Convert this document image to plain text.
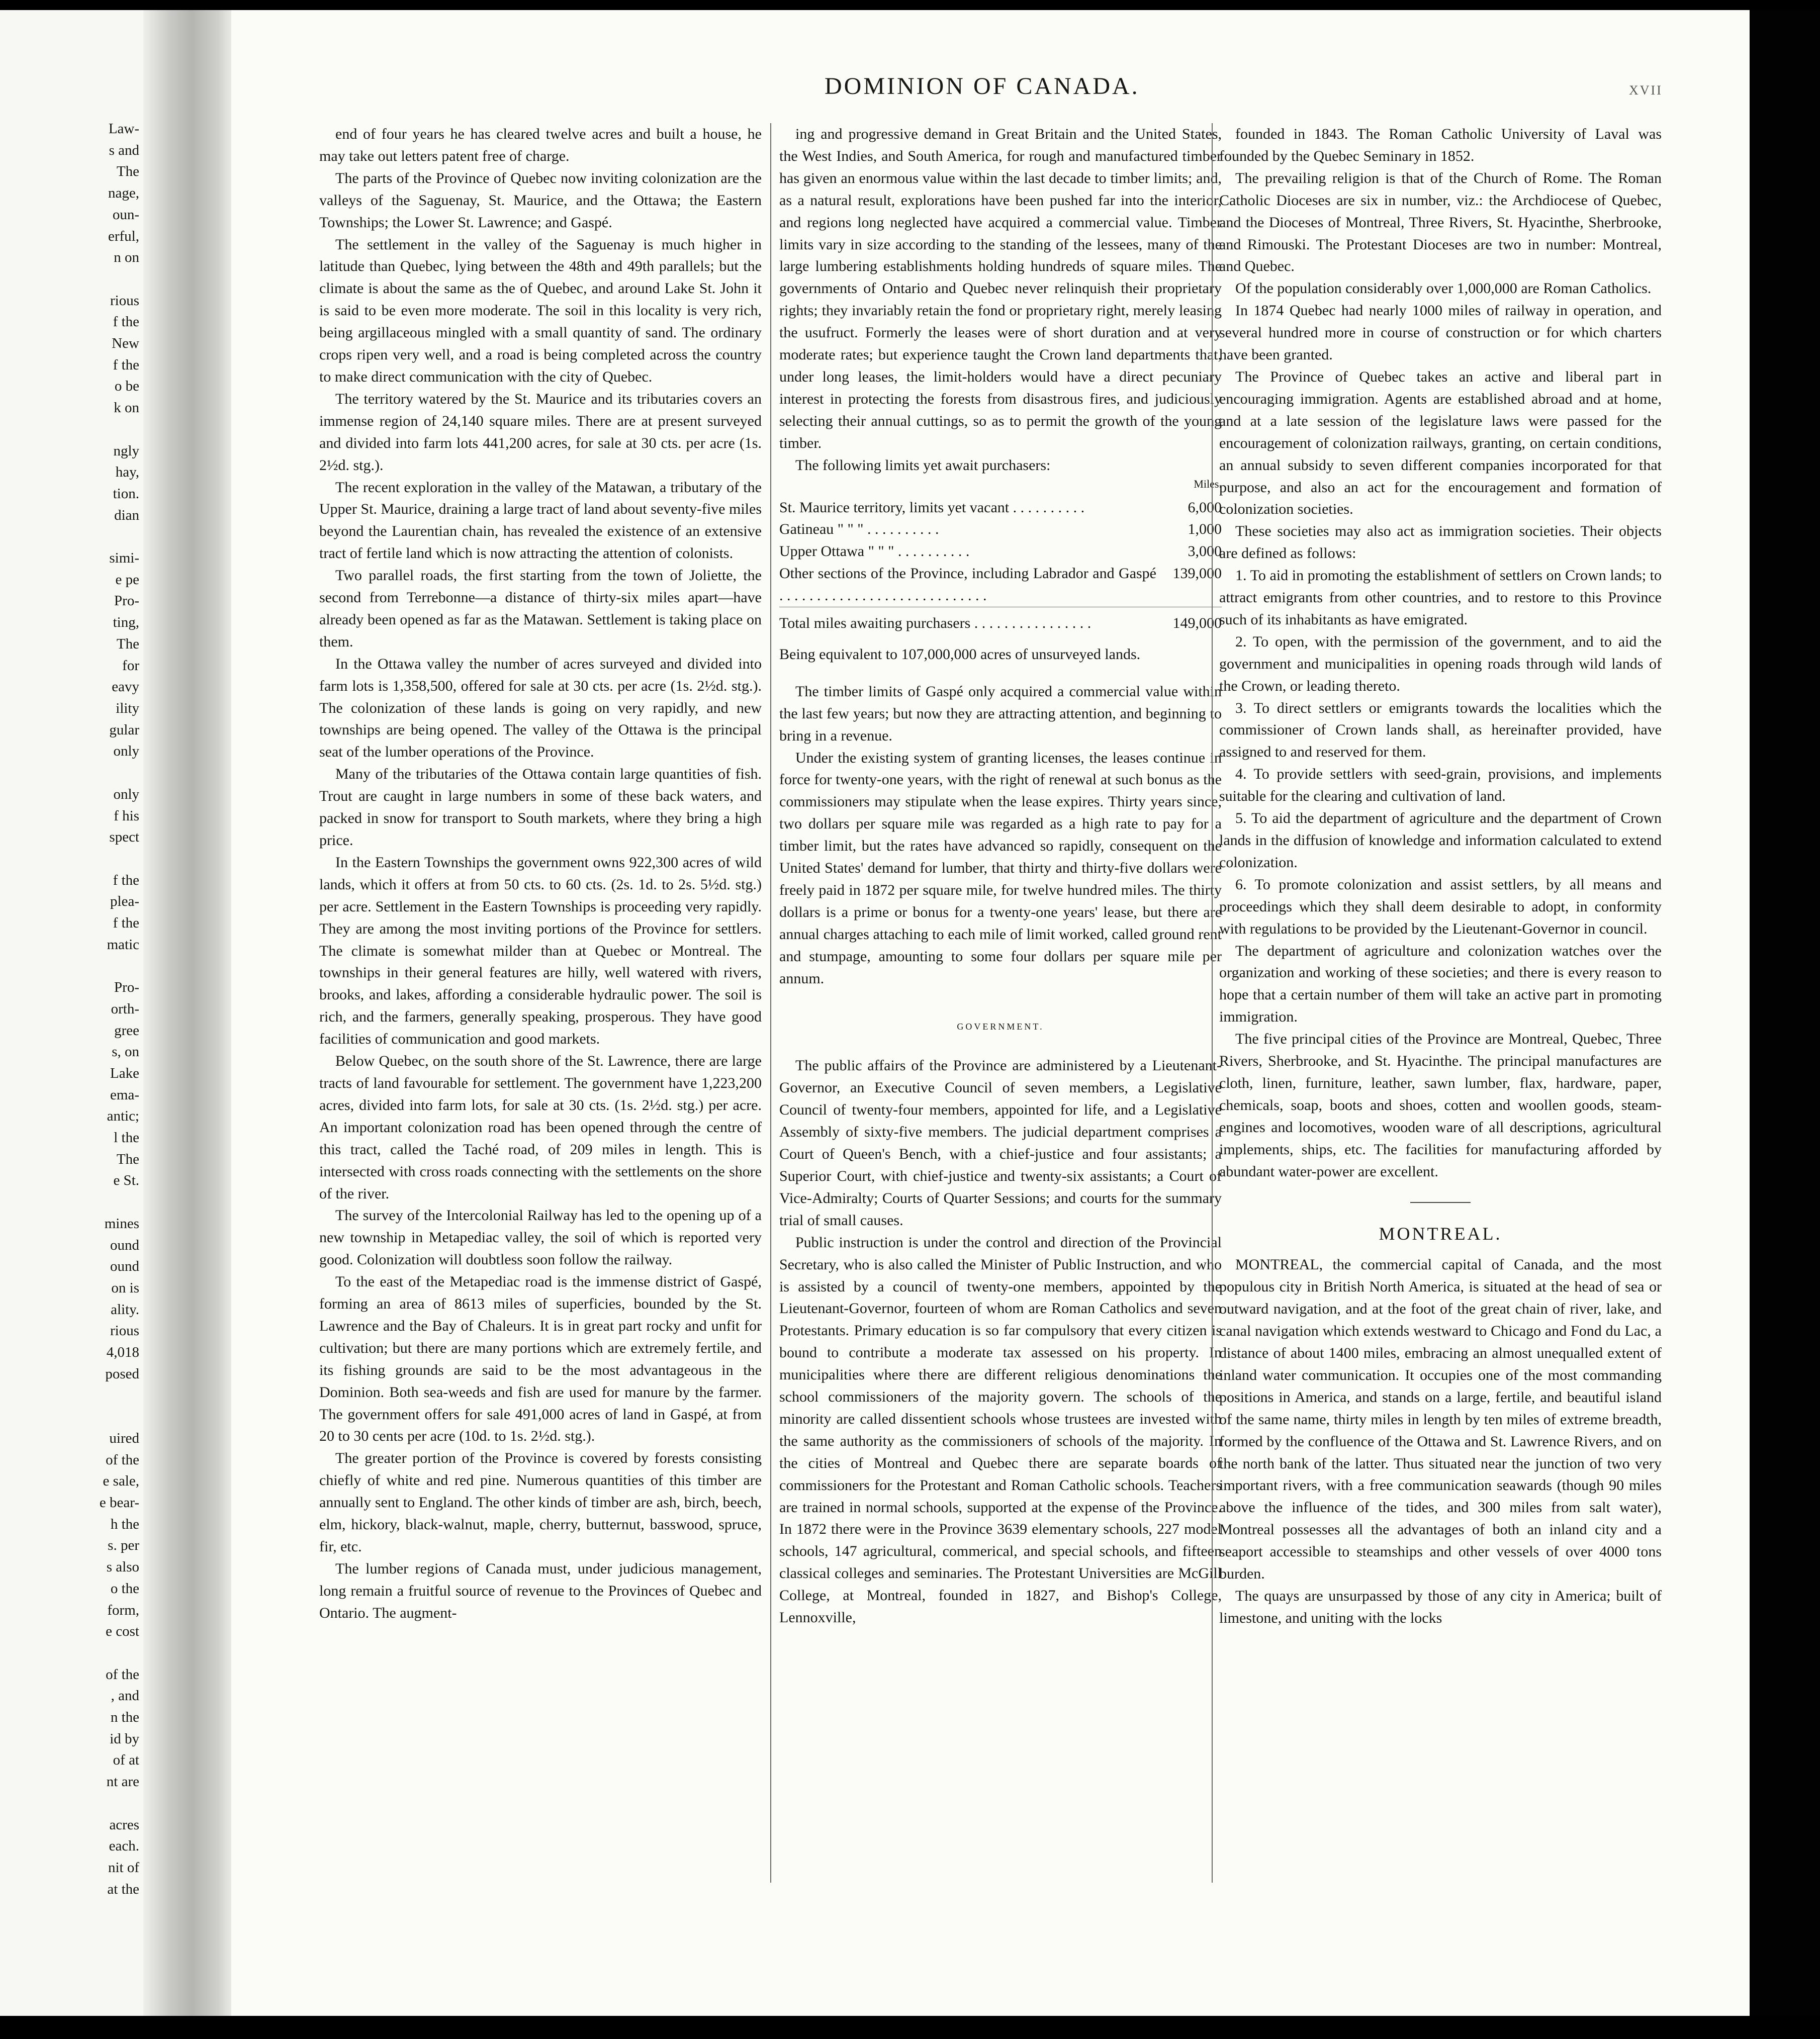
Law-
s and
The
nage,
oun-
erful,
n on

rious
f the
New
f the
o be
k on

ngly
hay,
tion.
dian

simi-
e pe
Pro-
ting,
The
for
eavy
ility
gular
only

only
f his
spect

f the
plea-
f the
matic

Pro-
orth-
gree
s, on
Lake
ema-
antic;
l the
The
e St.

mines
ound
ound
on is
ality.
rious
4,018
posed

uired
of the
e sale,
e bear-
h the
s. per
s also
o the
form,
e cost

of the
, and
n the
id by
of at
nt are

acres
each.
nit of
at the
DOMINION OF CANADA.	XVII

end of four years he has cleared twelve acres and built a house, he may take out letters patent free of charge.

The parts of the Province of Quebec now inviting colonization are the valleys of the Saguenay, St. Maurice, and the Ottawa; the Eastern Townships; the Lower St. Lawrence; and Gaspé.

The settlement in the valley of the Saguenay is much higher in latitude than Quebec, lying between the 48th and 49th parallels; but the climate is about the same as the of Quebec, and around Lake St. John it is said to be even more moderate. The soil in this locality is very rich, being argillaceous mingled with a small quantity of sand. The ordinary crops ripen very well, and a road is being completed across the country to make direct communication with the city of Quebec.

The territory watered by the St. Maurice and its tributaries covers an immense region of 24,140 square miles. There are at present surveyed and divided into farm lots 441,200 acres, for sale at 30 cts. per acre (1s. 2½d. stg.).

The recent exploration in the valley of the Matawan, a tributary of the Upper St. Maurice, draining a large tract of land about seventy-five miles beyond the Laurentian chain, has revealed the existence of an extensive tract of fertile land which is now attracting the attention of colonists.

Two parallel roads, the first starting from the town of Joliette, the second from Terrebonne—a distance of thirty-six miles apart—have already been opened as far as the Matawan. Settlement is taking place on them.

In the Ottawa valley the number of acres surveyed and divided into farm lots is 1,358,500, offered for sale at 30 cts. per acre (1s. 2½d. stg.). The colonization of these lands is going on very rapidly, and new townships are being opened. The valley of the Ottawa is the principal seat of the lumber operations of the Province.

Many of the tributaries of the Ottawa contain large quantities of fish. Trout are caught in large numbers in some of these back waters, and packed in snow for transport to South markets, where they bring a high price.

In the Eastern Townships the government owns 922,300 acres of wild lands, which it offers at from 50 cts. to 60 cts. (2s. 1d. to 2s. 5½d. stg.) per acre. Settlement in the Eastern Townships is proceeding very rapidly. They are among the most inviting portions of the Province for settlers. The climate is somewhat milder than at Quebec or Montreal. The townships in their general features are hilly, well watered with rivers, brooks, and lakes, affording a considerable hydraulic power. The soil is rich, and the farmers, generally speaking, prosperous. They have good facilities of communication and good markets.

Below Quebec, on the south shore of the St. Lawrence, there are large tracts of land favourable for settlement. The government have 1,223,200 acres, divided into farm lots, for sale at 30 cts. (1s. 2½d. stg.) per acre. An important colonization road has been opened through the centre of this tract, called the Taché road, of 209 miles in length. This is intersected with cross roads connecting with the settlements on the shore of the river.

The survey of the Intercolonial Railway has led to the opening up of a new township in Metapediac valley, the soil of which is reported very good. Colonization will doubtless soon follow the railway.

To the east of the Metapediac road is the immense district of Gaspé, forming an area of 8613 miles of superficies, bounded by the St. Lawrence and the Bay of Chaleurs. It is in great part rocky and unfit for cultivation; but there are many portions which are extremely fertile, and its fishing grounds are said to be the most advantageous in the Dominion. Both sea-weeds and fish are used for manure by the farmer. The government offers for sale 491,000 acres of land in Gaspé, at from 20 to 30 cents per acre (10d. to 1s. 2½d. stg.).

The greater portion of the Province is covered by forests consisting chiefly of white and red pine. Numerous quantities of this timber are annually sent to England. The other kinds of timber are ash, birch, beech, elm, hickory, black-walnut, maple, cherry, butternut, basswood, spruce, fir, etc.

The lumber regions of Canada must, under judicious management, long remain a fruitful source of revenue to the Provinces of Quebec and Ontario. The augment-

ing and progressive demand in Great Britain and the United States, the West Indies, and South America, for rough and manufactured timber has given an enormous value within the last decade to timber limits; and, as a natural result, explorations have been pushed far into the interior, and regions long neglected have acquired a commercial value. Timber limits vary in size according to the standing of the lessees, many of the large lumbering establishments holding hundreds of square miles. The governments of Ontario and Quebec never relinquish their proprietary rights; they invariably retain the fond or proprietary right, merely leasing the usufruct. Formerly the leases were of short duration and at very moderate rates; but experience taught the Crown land departments that, under long leases, the limit-holders would have a direct pecuniary interest in protecting the forests from disastrous fires, and judiciously selecting their annual cuttings, so as to permit the growth of the young timber.

The following limits yet await purchasers:

Miles.
St. Maurice territory, limits yet vacant . . . . . . . . . .	6,000
Gatineau " " " . . . . . . . . . .	1,000
Upper Ottawa " " " . . . . . . . . . .	3,000
Other sections of the Province, including Labrador and Gaspé . . . . . . . . . . . . . . . . . . . . . . . . . . . .	139,000
Total miles awaiting purchasers . . . . . . . . . . . . . . . .	149,000

Being equivalent to 107,000,000 acres of unsurveyed lands.

The timber limits of Gaspé only acquired a commercial value within the last few years; but now they are attracting attention, and beginning to bring in a revenue.

Under the existing system of granting licenses, the leases continue in force for twenty-one years, with the right of renewal at such bonus as the commissioners may stipulate when the lease expires. Thirty years since, two dollars per square mile was regarded as a high rate to pay for a timber limit, but the rates have advanced so rapidly, consequent on the United States' demand for lumber, that thirty and thirty-five dollars were freely paid in 1872 per square mile, for twelve hundred miles. The thirty dollars is a prime or bonus for a twenty-one years' lease, but there are annual charges attaching to each mile of limit worked, called ground rent and stumpage, amounting to some four dollars per square mile per annum.

GOVERNMENT.

The public affairs of the Province are administered by a Lieutenant-Governor, an Executive Council of seven members, a Legislative Council of twenty-four members, appointed for life, and a Legislative Assembly of sixty-five members. The judicial department comprises a Court of Queen's Bench, with a chief-justice and four assistants; a Superior Court, with chief-justice and twenty-six assistants; a Court of Vice-Admiralty; Courts of Quarter Sessions; and courts for the summary trial of small causes.

Public instruction is under the control and direction of the Provincial Secretary, who is also called the Minister of Public Instruction, and who is assisted by a council of twenty-one members, appointed by the Lieutenant-Governor, fourteen of whom are Roman Catholics and seven Protestants. Primary education is so far compulsory that every citizen is bound to contribute a moderate tax assessed on his property. In municipalities where there are different religious denominations the school commissioners of the majority govern. The schools of the minority are called dissentient schools whose trustees are invested with the same authority as the commissioners of schools of the majority. In the cities of Montreal and Quebec there are separate boards of commissioners for the Protestant and Roman Catholic schools. Teachers are trained in normal schools, supported at the expense of the Province. In 1872 there were in the Province 3639 elementary schools, 227 model schools, 147 agricultural, commerical, and special schools, and fifteen classical colleges and seminaries. The Protestant Universities are McGill College, at Montreal, founded in 1827, and Bishop's College, Lennoxville,

founded in 1843. The Roman Catholic University of Laval was founded by the Quebec Seminary in 1852.

The prevailing religion is that of the Church of Rome. The Roman Catholic Dioceses are six in number, viz.: the Archdiocese of Quebec, and the Dioceses of Montreal, Three Rivers, St. Hyacinthe, Sherbrooke, and Rimouski. The Protestant Dioceses are two in number: Montreal, and Quebec.

Of the population considerably over 1,000,000 are Roman Catholics.

In 1874 Quebec had nearly 1000 miles of railway in operation, and several hundred more in course of construction or for which charters have been granted.

The Province of Quebec takes an active and liberal part in encouraging immigration. Agents are established abroad and at home, and at a late session of the legislature laws were passed for the encouragement of colonization railways, granting, on certain conditions, an annual subsidy to seven different companies incorporated for that purpose, and also an act for the encouragement and formation of colonization societies.

These societies may also act as immigration societies. Their objects are defined as follows:

1. To aid in promoting the establishment of settlers on Crown lands; to attract emigrants from other countries, and to restore to this Province such of its inhabitants as have emigrated.

2. To open, with the permission of the government, and to aid the government and municipalities in opening roads through wild lands of the Crown, or leading thereto.

3. To direct settlers or emigrants towards the localities which the commissioner of Crown lands shall, as hereinafter provided, have assigned to and reserved for them.

4. To provide settlers with seed-grain, provisions, and implements suitable for the clearing and cultivation of land.

5. To aid the department of agriculture and the department of Crown lands in the diffusion of knowledge and information calculated to extend colonization.

6. To promote colonization and assist settlers, by all means and proceedings which they shall deem desirable to adopt, in conformity with regulations to be provided by the Lieutenant-Governor in council.

The department of agriculture and colonization watches over the organization and working of these societies; and there is every reason to hope that a certain number of them will take an active part in promoting immigration.

The five principal cities of the Province are Montreal, Quebec, Three Rivers, Sherbrooke, and St. Hyacinthe. The principal manufactures are cloth, linen, furniture, leather, sawn lumber, flax, hardware, paper, chemicals, soap, boots and shoes, cotten and woollen goods, steam-engines and locomotives, wooden ware of all descriptions, agricultural implements, ships, etc. The facilities for manufacturing afforded by abundant water-power are excellent.

MONTREAL.

MONTREAL, the commercial capital of Canada, and the most populous city in British North America, is situated at the head of sea or outward navigation, and at the foot of the great chain of river, lake, and canal navigation which extends westward to Chicago and Fond du Lac, a distance of about 1400 miles, embracing an almost unequalled extent of inland water communication. It occupies one of the most commanding positions in America, and stands on a large, fertile, and beautiful island of the same name, thirty miles in length by ten miles of extreme breadth, formed by the confluence of the Ottawa and St. Lawrence Rivers, and on the north bank of the latter. Thus situated near the junction of two very important rivers, with a free communication seawards (though 90 miles above the influence of the tides, and 300 miles from salt water), Montreal possesses all the advantages of both an inland city and a seaport accessible to steamships and other vessels of over 4000 tons burden.

The quays are unsurpassed by those of any city in America; built of limestone, and uniting with the locks
